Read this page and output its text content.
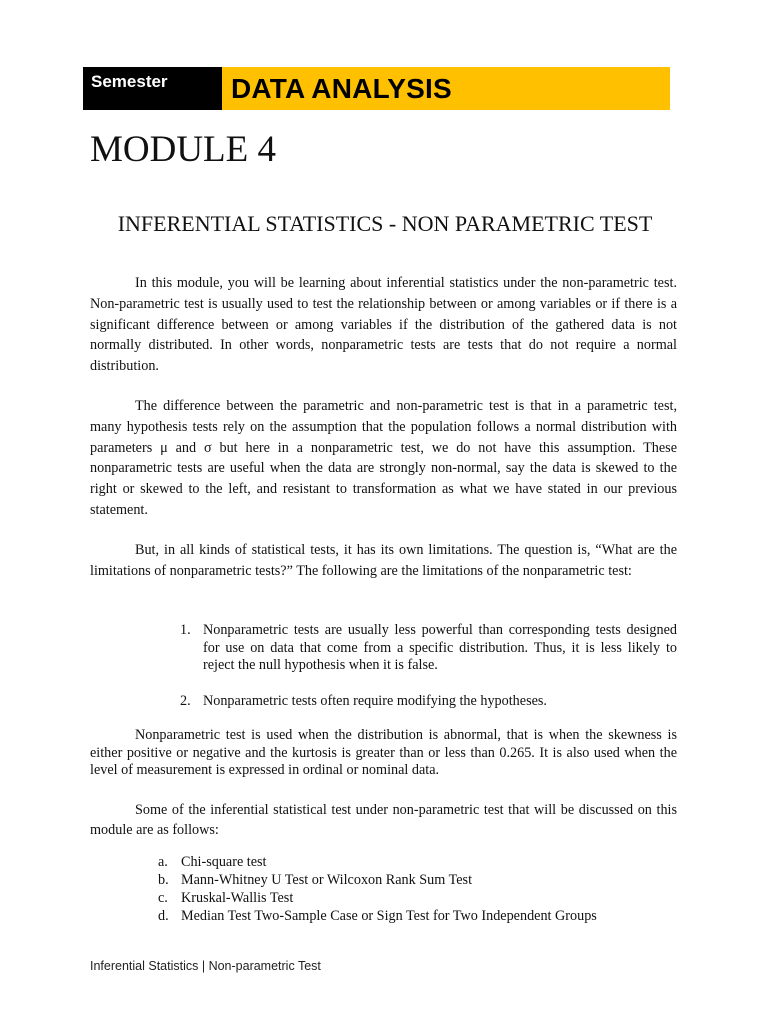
Semester	DATA ANALYSIS
MODULE 4
INFERENTIAL STATISTICS - NON PARAMETRIC TEST

In this module, you will be learning about inferential statistics under the non-parametric test. Non-parametric test is usually used to test the relationship between or among variables or if there is a significant difference between or among variables if the distribution of the gathered data is not normally distributed. In other words, nonparametric tests are tests that do not require a normal distribution.

The difference between the parametric and non-parametric test is that in a parametric test, many hypothesis tests rely on the assumption that the population follows a normal distribution with parameters μ and σ but here in a nonparametric test, we do not have this assumption. These nonparametric tests are useful when the data are strongly non-normal, say the data is skewed to the right or skewed to the left, and resistant to transformation as what we have stated in our previous statement.

But, in all kinds of statistical tests, it has its own limitations. The question is, “What are the limitations of nonparametric tests?” The following are the limitations of the nonparametric test:

1. Nonparametric tests are usually less powerful than corresponding tests designed for use on data that come from a specific distribution. Thus, it is less likely to reject the null hypothesis when it is false.
2. Nonparametric tests often require modifying the hypotheses.

Nonparametric test is used when the distribution is abnormal, that is when the skewness is either positive or negative and the kurtosis is greater than or less than 0.265. It is also used when the level of measurement is expressed in ordinal or nominal data.

Some of the inferential statistical test under non-parametric test that will be discussed on this module are as follows:

a. Chi-square test
b. Mann-Whitney U Test or Wilcoxon Rank Sum Test
c. Kruskal-Wallis Test
d. Median Test Two-Sample Case or Sign Test for Two Independent Groups
Inferential Statistics | Non-parametric Test
